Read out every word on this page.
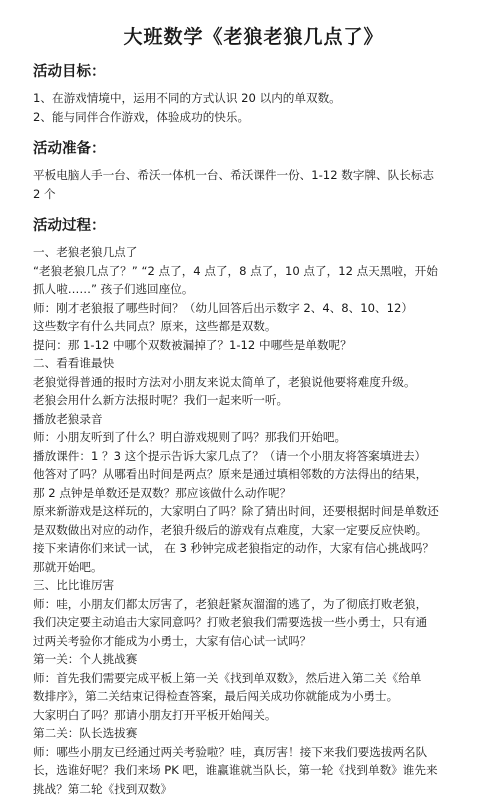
大班数学《老狼老狼几点了》
活动目标：
1、在游戏情境中，运用不同的方式认识 20 以内的单双数。
2、能与同伴合作游戏，体验成功的快乐。
活动准备：
平板电脑人手一台、希沃一体机一台、希沃课件一份、1-12 数字牌、队长标志
2 个
活动过程：
一、老狼老狼几点了
“老狼老狼几点了？” “2 点了，4 点了，8 点了，10 点了，12 点天黑啦，开始
抓人啦……” 孩子们逃回座位。
师：刚才老狼报了哪些时间？（幼儿回答后出示数字 2、4、8、10、12）
这些数字有什么共同点？原来，这些都是双数。
提问：那 1-12 中哪个双数被漏掉了？1-12 中哪些是单数呢？
二、看看谁最快
老狼觉得普通的报时方法对小朋友来说太简单了，老狼说他要将难度升级。
老狼会用什么新方法报时呢？我们一起来听一听。
播放老狼录音
师：小朋友听到了什么？明白游戏规则了吗？那我们开始吧。
播放课件：1 ？3 这个提示告诉大家几点了？（请一个小朋友将答案填进去）
他答对了吗？从哪看出时间是两点？原来是通过填相邻数的方法得出的结果，
那 2 点钟是单数还是双数？那应该做什么动作呢？
原来新游戏是这样玩的，大家明白了吗？除了猜出时间，还要根据时间是单数还
是双数做出对应的动作，老狼升级后的游戏有点难度，大家一定要反应快哟。
接下来请你们来试一试， 在 3 秒钟完成老狼指定的动作，大家有信心挑战吗？
那就开始吧。
三、比比谁厉害
师：哇，小朋友们都太厉害了，老狼赶紧灰溜溜的逃了，为了彻底打败老狼，
我们决定要主动追击大家同意吗？打败老狼我们需要选拔一些小勇士，只有通
过两关考验你才能成为小勇士，大家有信心试一试吗？
第一关：个人挑战赛
师：首先我们需要完成平板上第一关《找到单双数》，然后进入第二关《给单
数排序》，第二关结束记得检查答案，最后闯关成功你就能成为小勇士。
大家明白了吗？那请小朋友打开平板开始闯关。
第二关：队长选拔赛
师：哪些小朋友已经通过两关考验啦？哇，真厉害！接下来我们要选拔两名队
长，选谁好呢？我们来场 PK 吧，谁赢谁就当队长，第一轮《找到单数》谁先来
挑战？第二轮《找到双数》
